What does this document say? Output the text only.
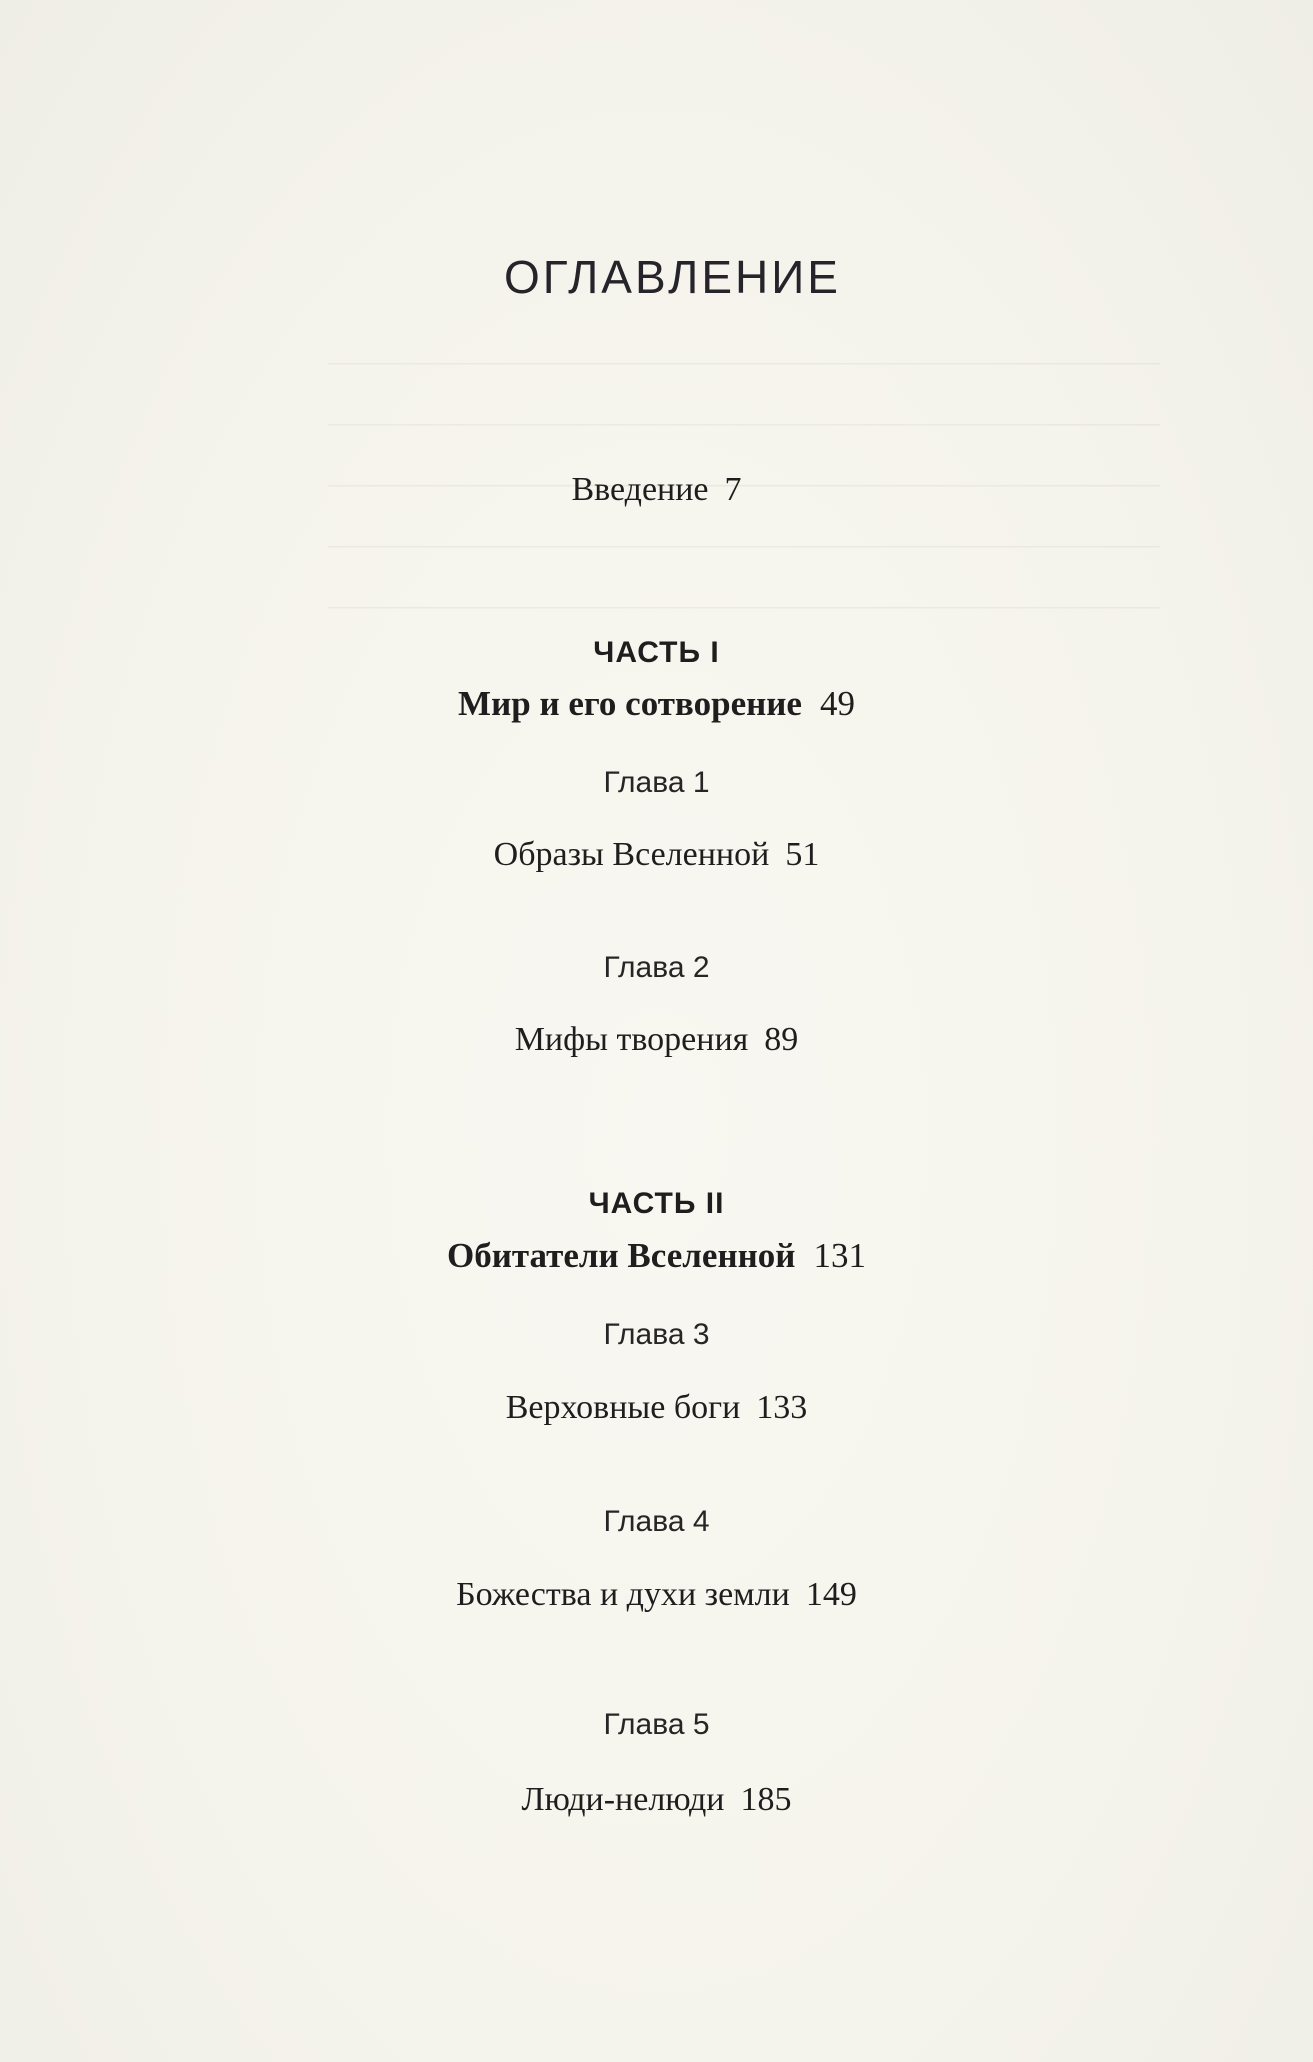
ОГЛАВЛЕНИЕ
Введение 7
ЧАСТЬ I
Мир и его сотворение 49
Глава 1
Образы Вселенной 51
Глава 2
Мифы творения 89
ЧАСТЬ II
Обитатели Вселенной 131
Глава 3
Верховные боги 133
Глава 4
Божества и духи земли 149
Глава 5
Люди-нелюди 185
